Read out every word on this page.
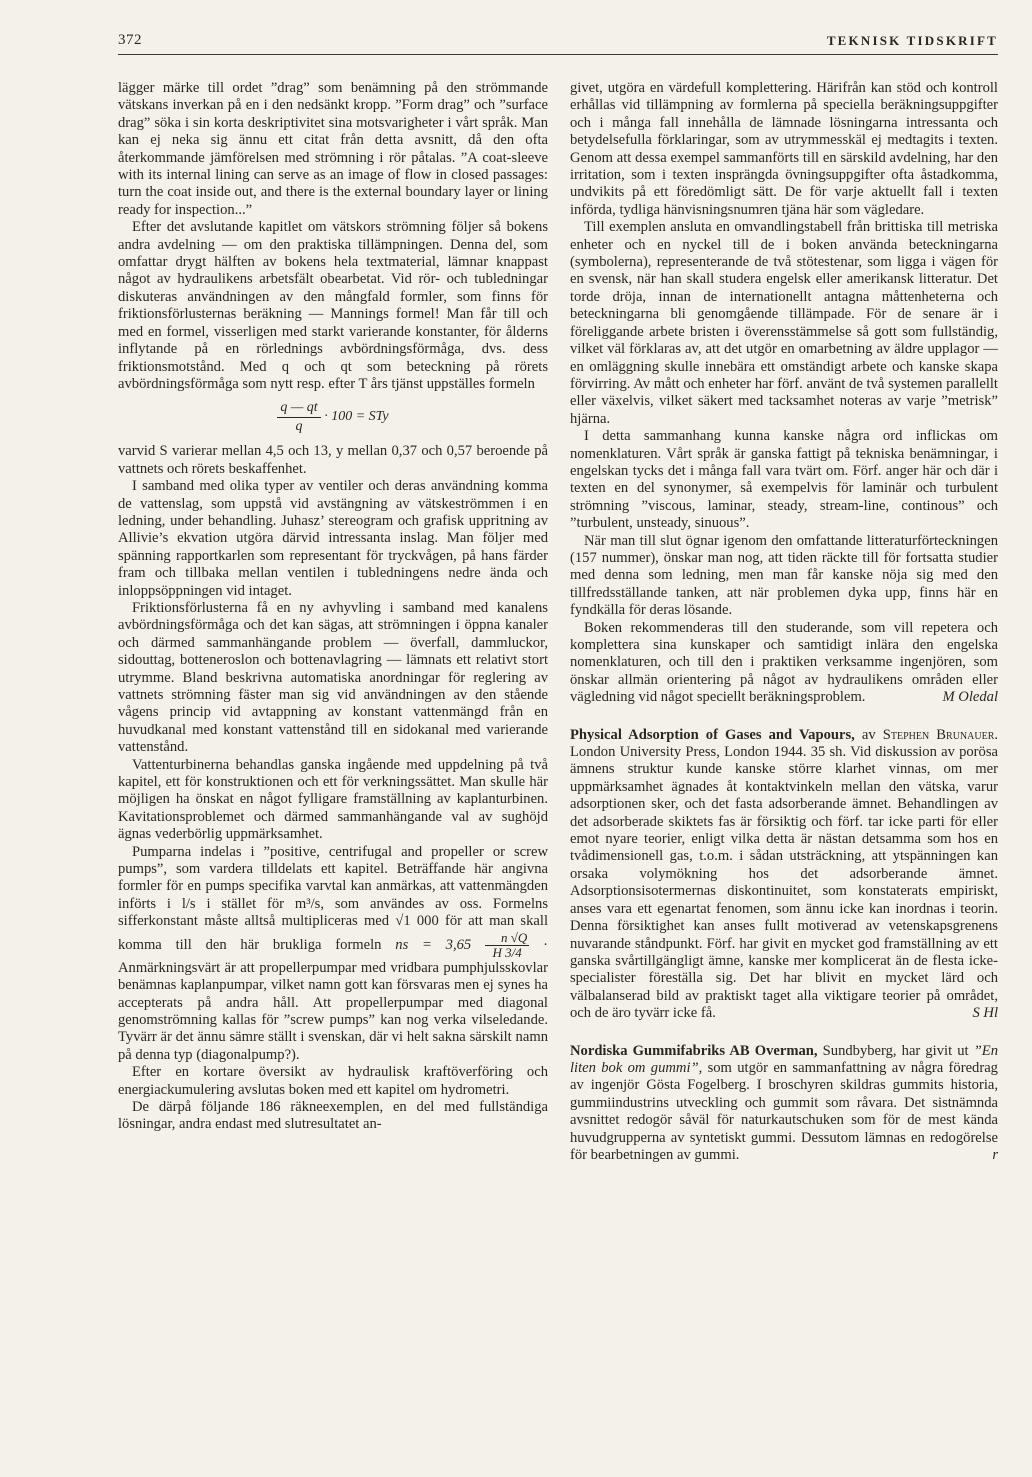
372	TEKNISK TIDSKRIFT

lägger märke till ordet ”drag” som benämning på den strömmande vätskans inverkan på en i den nedsänkt kropp. ”Form drag” och ”surface drag” söka i sin korta deskriptivitet sina motsvarigheter i vårt språk. Man kan ej neka sig ännu ett citat från detta avsnitt, då den ofta återkommande jämförelsen med strömning i rör påtalas. ”A coat-sleeve with its internal lining can serve as an image of flow in closed passages: turn the coat inside out, and there is the external boundary layer or lining ready for inspection...”

Efter det avslutande kapitlet om vätskors strömning följer så bokens andra avdelning — om den praktiska tillämpningen. Denna del, som omfattar drygt hälften av bokens hela textmaterial, lämnar knappast något av hydraulikens arbetsfält obearbetat. Vid rör- och tubledningar diskuteras användningen av den mångfald formler, som finns för friktionsförlusternas beräkning — Mannings formel! Man får till och med en formel, visserligen med starkt varierande konstanter, för ålderns inflytande på en rörlednings avbördningsförmåga, dvs. dess friktionsmotstånd. Med q och qt som beteckning på rörets avbördningsförmåga som nytt resp. efter T års tjänst uppställes formeln

$\frac{q — qt}{q} \cdot 100$ = STy

varvid S varierar mellan 4,5 och 13, y mellan 0,37 och 0,57 beroende på vattnets och rörets beskaffenhet.

I samband med olika typer av ventiler och deras användning komma de vattenslag, som uppstå vid avstängning av vätskeströmmen i en ledning, under behandling. Juhasz’ stereogram och grafisk uppritning av Allivie’s ekvation utgöra därvid intressanta inslag. Man följer med spänning rapportkarlen som representant för tryckvågen, på hans färder fram och tillbaka mellan ventilen i tubledningens nedre ända och inloppsöppningen vid intaget.

Friktionsförlusterna få en ny avhyvling i samband med kanalens avbördningsförmåga och det kan sägas, att strömningen i öppna kanaler och därmed sammanhängande problem — överfall, dammluckor, sidouttag, botteneroslon och bottenavlagring — lämnats ett relativt stort utrymme. Bland beskrivna automatiska anordningar för reglering av vattnets strömning fäster man sig vid användningen av den stående vågens princip vid avtappning av konstant vattenmängd från en huvudkanal med konstant vattenstånd till en sidokanal med varierande vattenstånd.

Vattenturbinerna behandlas ganska ingående med uppdelning på två kapitel, ett för konstruktionen och ett för verkningssättet. Man skulle här möjligen ha önskat en något fylligare framställning av kaplanturbinen. Kavitationsproblemet och därmed sammanhängande val av sughöjd ägnas vederbörlig uppmärksamhet.

Pumparna indelas i ”positive, centrifugal and propeller or screw pumps”, som vardera tilldelats ett kapitel. Beträffande här angivna formler för en pumps specifika varvtal kan anmärkas, att vattenmängden införts i l/s i stället för m³/s, som användes av oss. Formelns sifferkonstant måste alltså multipliceras med √1 000 för att man skall komma till den här brukliga formeln ns = $3,65 \frac{n √Q}{H 3/4}$ · Anmärkningsvärt är att propellerpumpar med vridbara pumphjulsskovlar benämnas kaplanpumpar, vilket namn gott kan försvaras men ej synes ha accepterats på andra håll. Att propellerpumpar med diagonal genomströmning kallas för ”screw pumps” kan nog verka vilseledande. Tyvärr är det ännu sämre ställt i svenskan, där vi helt sakna särskilt namn på denna typ (diagonalpump?).

Efter en kortare översikt av hydraulisk kraftöverföring och energiackumulering avslutas boken med ett kapitel om hydrometri.

De därpå följande 186 räkneexemplen, en del med fullständiga lösningar, andra endast med slutresultatet an-

givet, utgöra en värdefull komplettering. Härifrån kan stöd och kontroll erhållas vid tillämpning av formlerna på speciella beräkningsuppgifter och i många fall innehålla de lämnade lösningarna intressanta och betydelsefulla förklaringar, som av utrymmesskäl ej medtagits i texten. Genom att dessa exempel sammanförts till en särskild avdelning, har den irritation, som i texten insprängda övningsuppgifter ofta åstadkomma, undvikits på ett föredömligt sätt. De för varje aktuellt fall i texten införda, tydliga hänvisningsnumren tjäna här som vägledare.

Till exemplen ansluta en omvandlingstabell från brittiska till metriska enheter och en nyckel till de i boken använda beteckningarna (symbolerna), representerande de två stötestenar, som ligga i vägen för en svensk, när han skall studera engelsk eller amerikansk litteratur. Det torde dröja, innan de internationellt antagna måttenheterna och beteckningarna bli genomgående tillämpade. För de senare är i föreliggande arbete bristen i överensstämmelse så gott som fullständig, vilket väl förklaras av, att det utgör en omarbetning av äldre upplagor — en omläggning skulle innebära ett omständigt arbete och kanske skapa förvirring. Av mått och enheter har förf. använt de två systemen parallellt eller växelvis, vilket säkert med tacksamhet noteras av varje ”metrisk” hjärna.

I detta sammanhang kunna kanske några ord inflickas om nomenklaturen. Vårt språk är ganska fattigt på tekniska benämningar, i engelskan tycks det i många fall vara tvärt om. Förf. anger här och där i texten en del synonymer, så exempelvis för laminär och turbulent strömning ”viscous, laminar, steady, stream-line, continous” och ”turbulent, unsteady, sinuous”.

När man till slut ögnar igenom den omfattande litteraturförteckningen (157 nummer), önskar man nog, att tiden räckte till för fortsatta studier med denna som ledning, men man får kanske nöja sig med den tillfredsställande tanken, att när problemen dyka upp, finns här en fyndkälla för deras lösande.

Boken rekommenderas till den studerande, som vill repetera och komplettera sina kunskaper och samtidigt inlära den engelska nomenklaturen, och till den i praktiken verksamme ingenjören, som önskar allmän orientering på något av hydraulikens områden eller vägledning vid något speciellt beräkningsproblem.	M Oledal

Physical Adsorption of Gases and Vapours, av Stephen Brunauer. London University Press, London 1944. 35 sh. Vid diskussion av porösa ämnens struktur kunde kanske större klarhet vinnas, om mer uppmärksamhet ägnades åt kontaktvinkeln mellan den vätska, varur adsorptionen sker, och det fasta adsorberande ämnet. Behandlingen av det adsorberade skiktets fas är försiktig och förf. tar icke parti för eller emot nyare teorier, enligt vilka detta är nästan detsamma som hos en tvådimensionell gas, t.o.m. i sådan utsträckning, att ytspänningen kan orsaka volymökning hos det adsorberande ämnet. Adsorptionsisotermernas diskontinuitet, som konstaterats empiriskt, anses vara ett egenartat fenomen, som ännu icke kan inordnas i teorin. Denna försiktighet kan anses fullt motiverad av vetenskapsgrenens nuvarande ståndpunkt. Förf. har givit en mycket god framställning av ett ganska svårtillgängligt ämne, kanske mer komplicerat än de flesta icke-specialister föreställa sig. Det har blivit en mycket lärd och välbalanserad bild av praktiskt taget alla viktigare teorier på området, och de äro tyvärr icke få.	S Hl

Nordiska Gummifabriks AB Overman, Sundbyberg, har givit ut ”En liten bok om gummi”, som utgör en sammanfattning av några föredrag av ingenjör Gösta Fogelberg. I broschyren skildras gummits historia, gummiindustrins utveckling och gummit som råvara. Det sistnämnda avsnittet redogör såväl för naturkautschuken som för de mest kända huvudgrupperna av syntetiskt gummi. Dessutom lämnas en redogörelse för bearbetningen av gummi.	r
